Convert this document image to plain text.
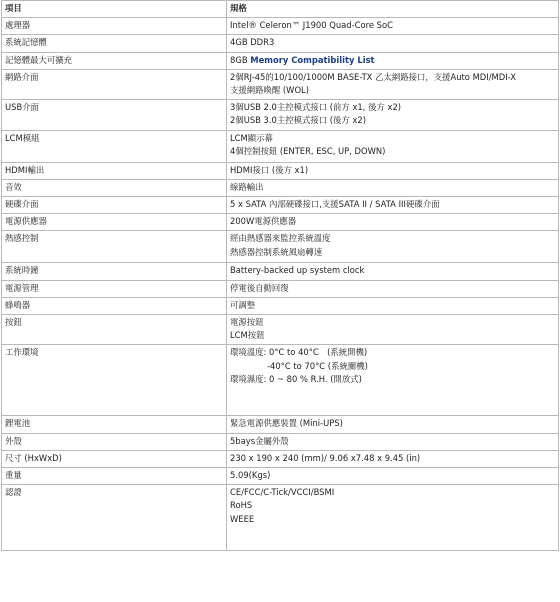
項目	規格
處理器	Intel® Celeron™ J1900 Quad-Core SoC

系統記憶體	4GB DDR3

記憶體最大可擴充	8GB Memory Compatibility List

網路介面	2個RJ-45的10/100/1000M BASE-TX 乙太網路接口，支援Auto MDI/MDI-X
支援網路喚醒 (WOL)

USB介面	3個USB 2.0主控模式接口 (前方 x1, 後方 x2)
2個USB 3.0主控模式接口 (後方 x2)

LCM模組	LCM顯示幕
4個控制按鈕 (ENTER, ESC, UP, DOWN)

HDMI輸出	HDMI接口 (後方 x1)

音效	線路輸出

硬碟介面	5 x SATA 內部硬碟接口,支援SATA II / SATA III硬碟介面

電源供應器	200W電源供應器

熱感控制	經由熱感器來監控系統溫度
熱感器控制系統風扇轉速

系統時鐘	Battery-backed up system clock

電源管理	停電後自動回復

蜂鳴器	可調整

按鈕	電源按鈕
LCM按鈕

工作環境	環境溫度: 0°C to 40°C　(系統開機)
-40°C to 70°C (系統關機)
環境濕度: 0 ~ 80 % R.H. (開放式)

鋰電池	緊急電源供應裝置 (Mini-UPS)

外殼	5bays金屬外殼

尺寸 (HxWxD)	230 x 190 x 240 (mm)/ 9.06 x7.48 x 9.45 (in)

重量	5.09(Kgs)

認證	CE/FCC/C-Tick/VCCI/BSMI
RoHS
WEEE
